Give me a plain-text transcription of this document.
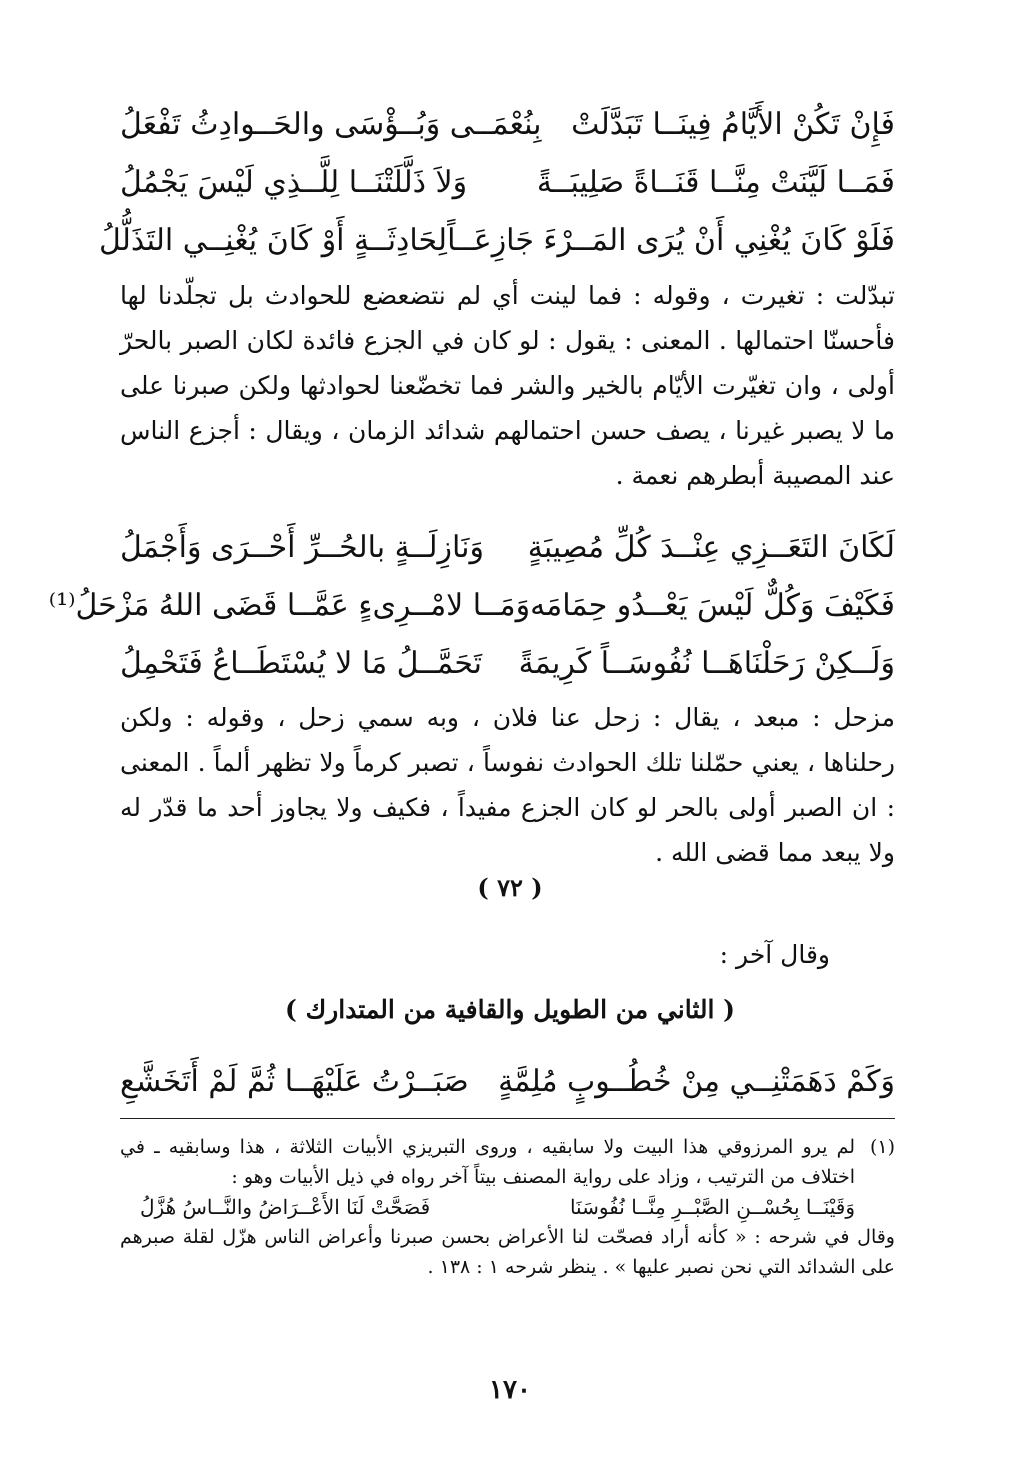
فَإِنْ تَكُنْ الأَيَّامُ فِينَــا تَبَدَّلَتْ
بِنُعْمَــى وَبُــؤْسَى والحَــوادِثُ تَفْعَلُ
فَمَــا لَيَّنَتْ مِنَّــا قَنَــاةً صَلِيبَــةً
وَلاَ ذَلَّلَتْنَــا لِلَّــذِي لَيْسَ يَجْمُلُ
فَلَوْ كَانَ يُغْنِي أَنْ يُرَى المَــرْءَ جَازِعَــاً
لِحَادِثَــةٍ أَوْ كَانَ يُغْنِــي التَذَلُّلُ
تبدّلت : تغيرت ، وقوله : فما لينت أي لم نتضعضع للحوادث بل تجلّدنا لها فأحسنّا احتمالها . المعنى : يقول : لو كان في الجزع فائدة لكان الصبر بالحرّ أولى ، وان تغيّرت الأيّام بالخير والشر فما تخضّعنا لحوادثها ولكن صبرنا على ما لا يصبر غيرنا ، يصف حسن احتمالهم شدائد الزمان ، ويقال : أجزع الناس عند المصيبة أبطرهم نعمة .
لَكَانَ التَعَــزِي عِنْــدَ كُلِّ مُصِيبَةٍ
وَنَازِلَــةٍ بالحُــرِّ أَحْــرَى وَأَجْمَلُ
فَكَيْفَ وَكُلٌّ لَيْسَ يَعْــدُو حِمَامَه
وَمَــا لامْــرِىءٍ عَمَّــا قَضَى اللهُ مَزْحَلُ⁽¹⁾
وَلَــكِنْ رَحَلْنَاهَــا نُفُوسَــاً كَرِيمَةً
تَحَمَّــلُ مَا لا يُسْتَطَــاعُ فَتَحْمِلُ
مزحل : مبعد ، يقال : زحل عنا فلان ، وبه سمي زحل ، وقوله : ولكن رحلناها ، يعني حمّلنا تلك الحوادث نفوساً ، تصبر كرماً ولا تظهر ألماً . المعنى : ان الصبر أولى بالحر لو كان الجزع مفيداً ، فكيف ولا يجاوز أحد ما قدّر له ولا يبعد مما قضى الله .
( ٧٢ )
وقال آخر :
( الثاني من الطويل والقافية من المتدارك )
وَكَمْ دَهَمَتْنِــي مِنْ خُطُــوبٍ مُلِمَّةٍ
صَبَــرْتُ عَلَيْهَــا ثُمَّ لَمْ أَتَخَشَّعِ
(١)
لم يرو المرزوقي هذا البيت ولا سابقيه ، وروى التبريزي الأبيات الثلاثة ، هذا وسابقيه ـ في اختلاف من الترتيب ، وزاد على رواية المصنف بيتاً آخر رواه في ذيل الأبيات وهو :
وَقَيْنَــا بِحُسْــنِ الصَّبْــرِ مِنَّــا نُفُوسَنَا
فَصَحَّتْ لَنَا الأَعْــرَاضُ والنَّــاسُ هُزَّلُ
وقال في شرحه : « كأنه أراد فصحّت لنا الأعراض بحسن صبرنا وأعراض الناس هزّل لقلة صبرهم على الشدائد التي نحن نصبر عليها » . ينظر شرحه ١ : ١٣٨ .
١٧٠
